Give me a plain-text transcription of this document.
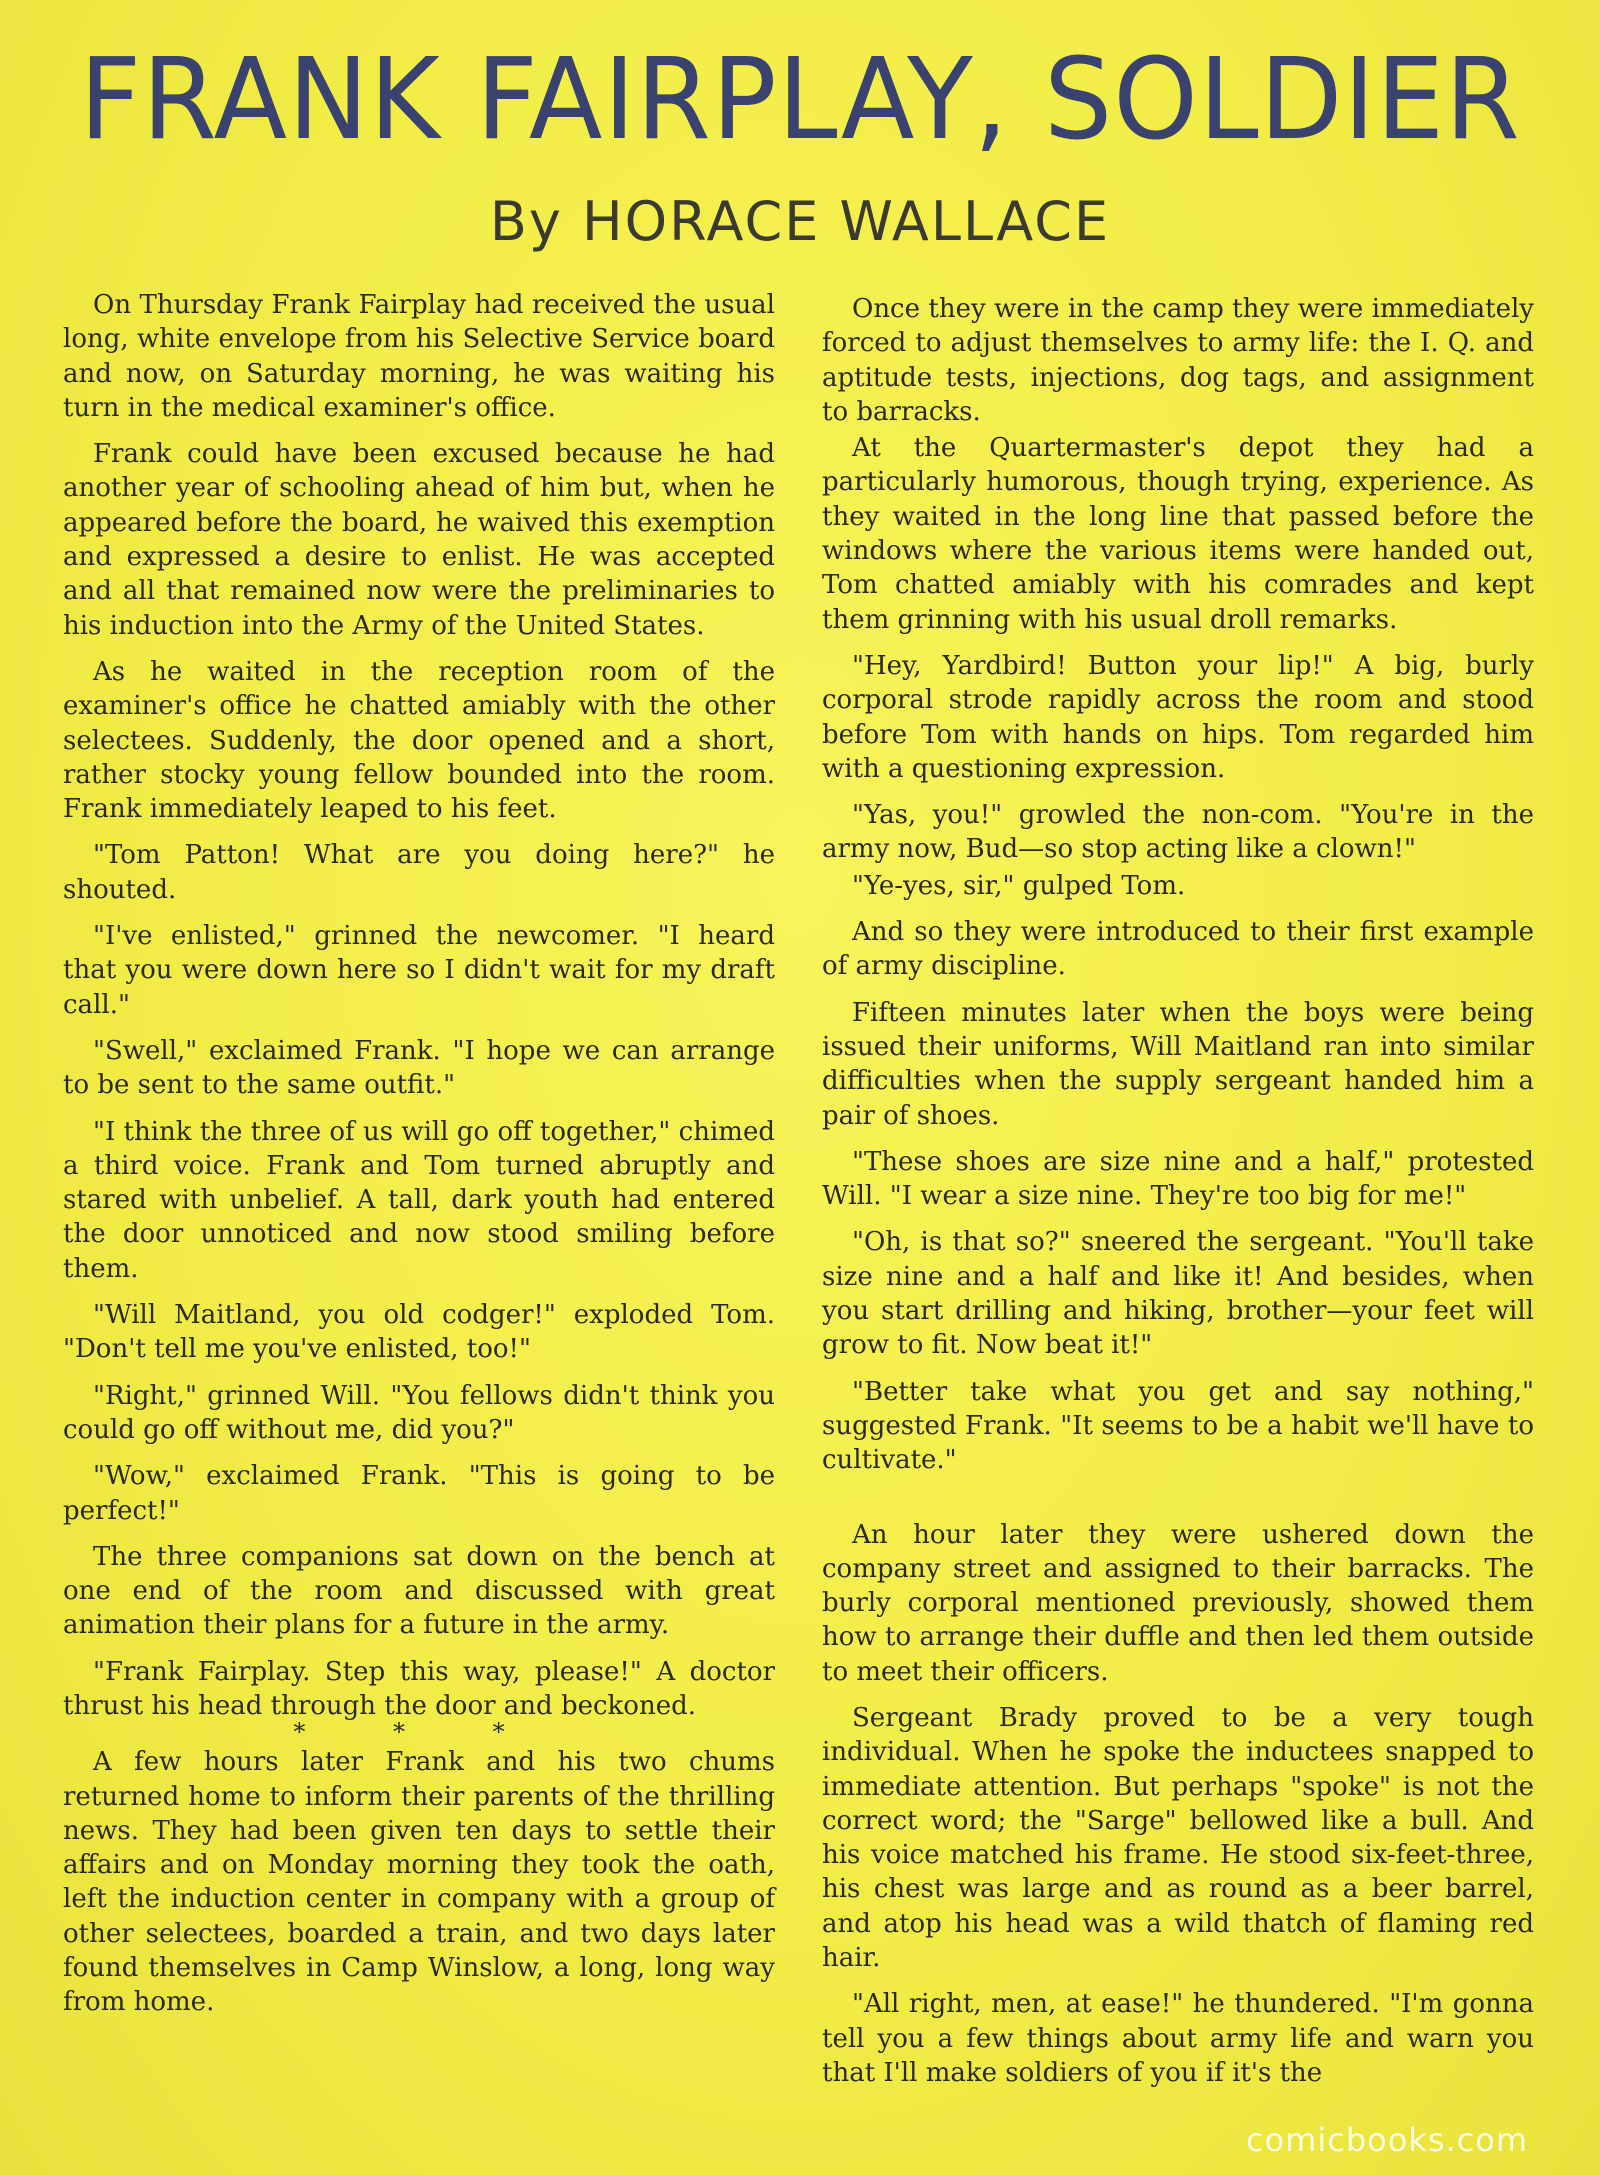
FRANK FAIRPLAY, SOLDIER
By HORACE WALLACE

On Thursday Frank Fairplay had received the usual long, white envelope from his Selective Service board and now, on Saturday morning, he was waiting his turn in the medical examiner's office.

Frank could have been excused because he had another year of schooling ahead of him but, when he appeared before the board, he waived this exemption and expressed a desire to enlist. He was accepted and all that remained now were the preliminaries to his induction into the Army of the United States.

As he waited in the reception room of the examiner's office he chatted amiably with the other selectees. Suddenly, the door opened and a short, rather stocky young fellow bounded into the room. Frank immediately leaped to his feet.

"Tom Patton! What are you doing here?" he shouted.

"I've enlisted," grinned the newcomer. "I heard that you were down here so I didn't wait for my draft call."

"Swell," exclaimed Frank. "I hope we can arrange to be sent to the same outfit."

"I think the three of us will go off together," chimed a third voice. Frank and Tom turned abruptly and stared with unbelief. A tall, dark youth had entered the door unnoticed and now stood smiling before them.

"Will Maitland, you old codger!" exploded Tom. "Don't tell me you've enlisted, too!"

"Right," grinned Will. "You fellows didn't think you could go off without me, did you?"

"Wow," exclaimed Frank. "This is going to be perfect!"

The three companions sat down on the bench at one end of the room and discussed with great animation their plans for a future in the army.

"Frank Fairplay. Step this way, please!" A doctor thrust his head through the door and beckoned.

* * *

A few hours later Frank and his two chums returned home to inform their parents of the thrilling news. They had been given ten days to settle their affairs and on Monday morning they took the oath, left the induction center in company with a group of other selectees, boarded a train, and two days later found themselves in Camp Winslow, a long, long way from home.

Once they were in the camp they were immediately forced to adjust themselves to army life: the I. Q. and aptitude tests, injections, dog tags, and assignment to barracks.

At the Quartermaster's depot they had a particularly humorous, though trying, experience. As they waited in the long line that passed before the windows where the various items were handed out, Tom chatted amiably with his comrades and kept them grinning with his usual droll remarks.

"Hey, Yardbird! Button your lip!" A big, burly corporal strode rapidly across the room and stood before Tom with hands on hips. Tom regarded him with a questioning expression.

"Yas, you!" growled the non-com. "You're in the army now, Bud—so stop acting like a clown!"

"Ye-yes, sir," gulped Tom.

And so they were introduced to their first example of army discipline.

Fifteen minutes later when the boys were being issued their uniforms, Will Maitland ran into similar difficulties when the supply sergeant handed him a pair of shoes.

"These shoes are size nine and a half," protested Will. "I wear a size nine. They're too big for me!"

"Oh, is that so?" sneered the sergeant. "You'll take size nine and a half and like it! And besides, when you start drilling and hiking, brother—your feet will grow to fit. Now beat it!"

"Better take what you get and say nothing," suggested Frank. "It seems to be a habit we'll have to cultivate."

An hour later they were ushered down the company street and assigned to their barracks. The burly corporal mentioned previously, showed them how to arrange their duffle and then led them outside to meet their officers.

Sergeant Brady proved to be a very tough individual. When he spoke the inductees snapped to immediate attention. But perhaps "spoke" is not the correct word; the "Sarge" bellowed like a bull. And his voice matched his frame. He stood six-feet-three, his chest was large and as round as a beer barrel, and atop his head was a wild thatch of flaming red hair.

"All right, men, at ease!" he thundered. "I'm gonna tell you a few things about army life and warn you that I'll make soldiers of you if it's the

comicbooks.com
